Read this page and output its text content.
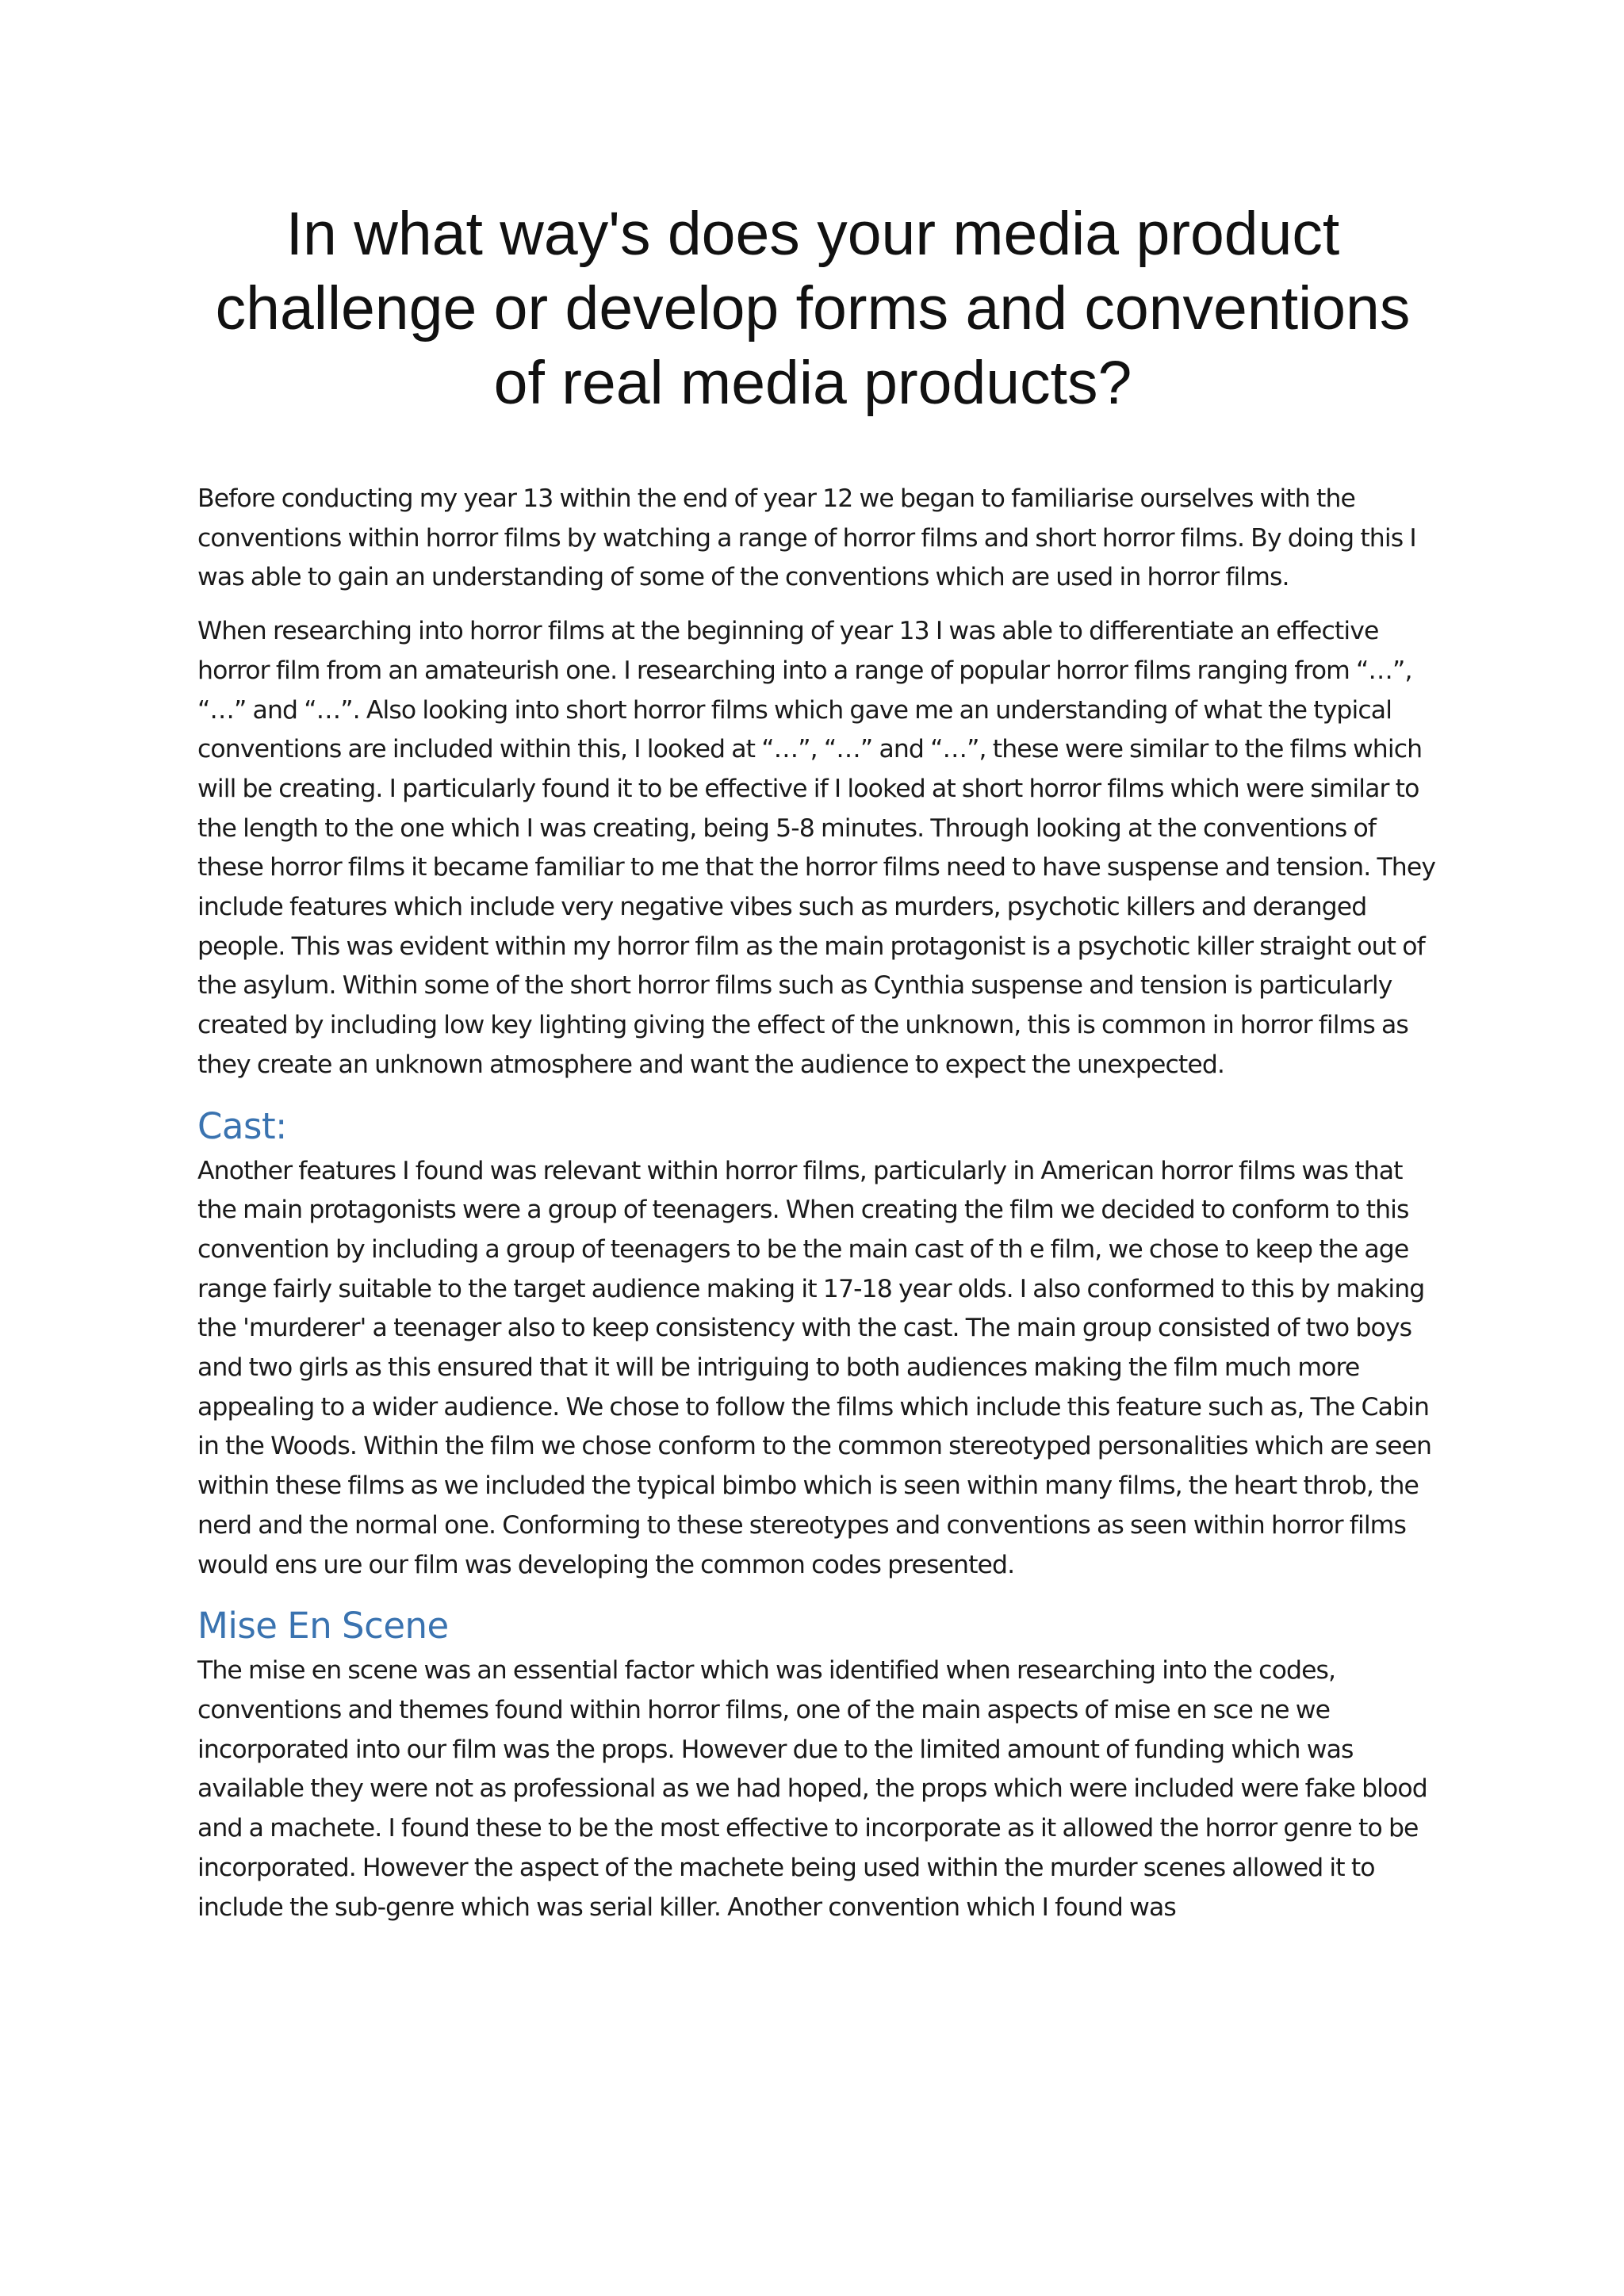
In what way's does your media product challenge or develop forms and conventions of real media products?

Before conducting my year 13 within the end of year 12 we began to familiarise ourselves with the conventions within horror films by watching a range of horror films and short horror films. By doing this I was able to gain an understanding of some of the conventions which are used in horror films.

When researching into horror films at the beginning of year 13 I was able to differentiate an effective horror film from an amateurish one. I researching into a range of popular horror films ranging from “…”, “…” and “…”. Also looking into short horror films which gave me an understanding of what the typical conventions are included within this, I looked at “…”, “…” and “…”, these were similar to the films which will be creating. I particularly found it to be effective if I looked at short horror films which were similar to the length to the one which I was creating, being 5-8 minutes. Through looking at the conventions of these horror films it became familiar to me that the horror films need to have suspense and tension. They include features which include very negative vibes such as murders, psychotic killers and deranged people. This was evident within my horror film as the main protagonist is a psychotic killer straight out of the asylum. Within some of the short horror films such as Cynthia suspense and tension is particularly created by including low key lighting giving the effect of the unknown, this is common in horror films as they create an unknown atmosphere and want the audience to expect the unexpected.

Cast:

Another features I found was relevant within horror films, particularly in American horror films was that the main protagonists were a group of teenagers. When creating the film we decided to conform to this convention by including a group of teenagers to be the main cast of th e film, we chose to keep the age range fairly suitable to the target audience making it 17-18 year olds. I also conformed to this by making the 'murderer' a teenager also to keep consistency with the cast. The main group consisted of two boys and two girls as this ensured that it will be intriguing to both audiences making the film much more appealing to a wider audience. We chose to follow the films which include this feature such as, The Cabin in the Woods. Within the film we chose conform to the common stereotyped personalities which are seen within these films as we included the typical bimbo which is seen within many films, the heart throb, the nerd and the normal one. Conforming to these stereotypes and conventions as seen within horror films would ens ure our film was developing the common codes presented.

Mise En Scene

The mise en scene was an essential factor which was identified when researching into the codes, conventions and themes found within horror films, one of the main aspects of mise en sce ne we incorporated into our film was the props. However due to the limited amount of funding which was available they were not as professional as we had hoped, the props which were included were fake blood and a machete. I found these to be the most effective to incorporate as it allowed the horror genre to be incorporated. However the aspect of the machete being used within the murder scenes allowed it to include the sub-genre which was serial killer. Another convention which I found was
